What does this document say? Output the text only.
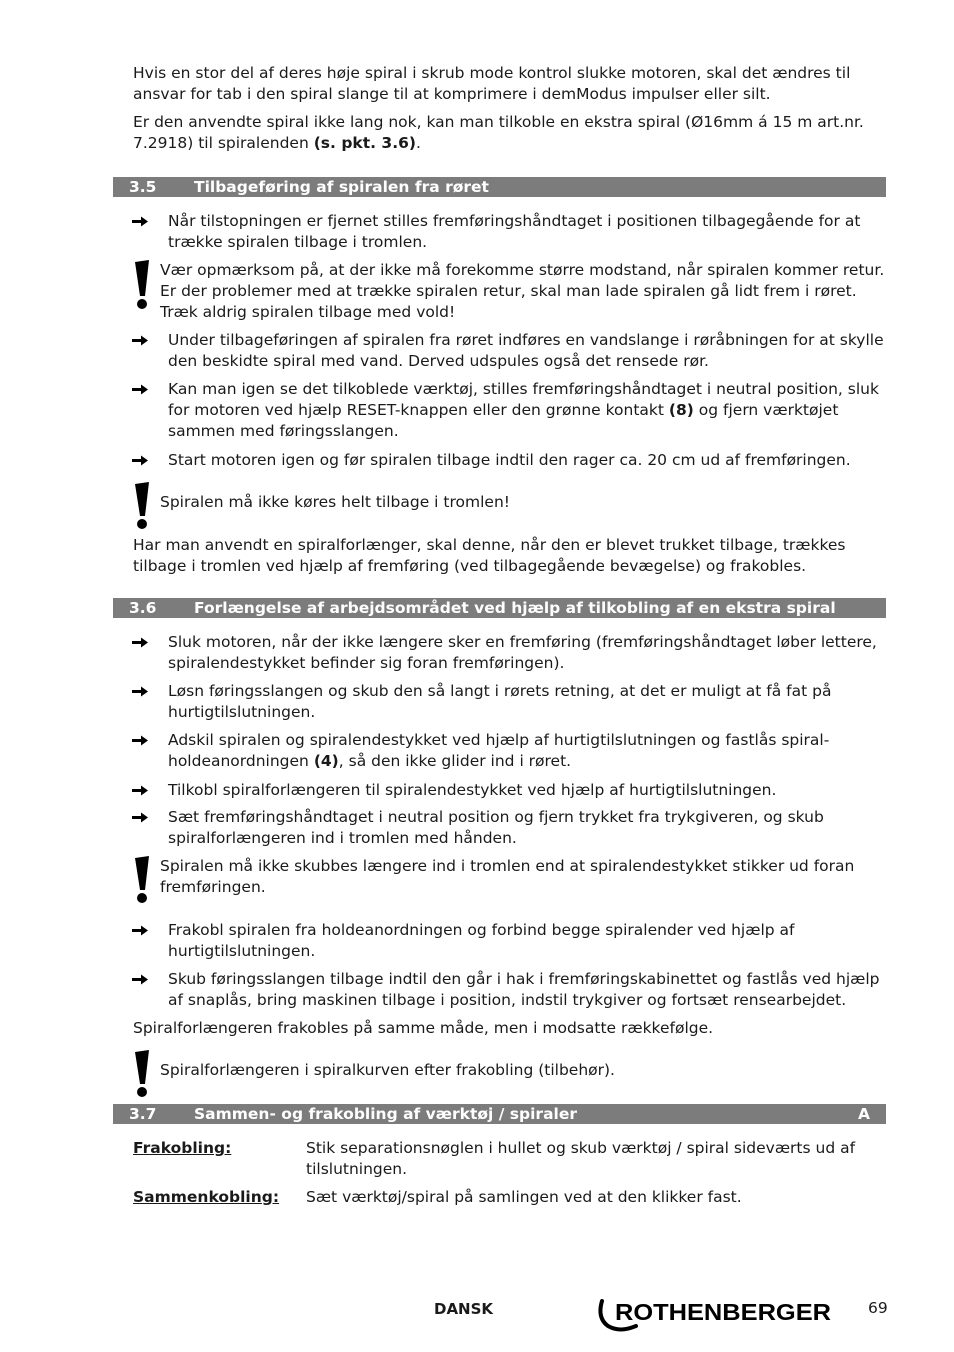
Hvis en stor del af deres høje spiral i skrub mode kontrol slukke motoren, skal det ændres til ansvar for tab i den spiral slange til at komprimere i demModus impulser eller silt.

Er den anvendte spiral ikke lang nok, kan man tilkoble en ekstra spiral (Ø16mm á 15 m art.nr. 7.2918) til spiralenden (s. pkt. 3.6).

3.5 Tilbageføring af spiralen fra røret
Når tilstopningen er fjernet stilles fremføringshåndtaget i positionen tilbagegående for at trække spiralen tilbage i tromlen.
Vær opmærksom på, at der ikke må forekomme større modstand, når spiralen kommer retur. Er der problemer med at trække spiralen retur, skal man lade spiralen gå lidt frem i røret. Træk aldrig spiralen tilbage med vold!
Under tilbageføringen af spiralen fra røret indføres en vandslange i røråbningen for at skylle den beskidte spiral med vand. Derved udspules også det rensede rør.
Kan man igen se det tilkoblede værktøj, stilles fremføringshåndtaget i neutral position, sluk for motoren ved hjælp RESET-knappen eller den grønne kontakt (8) og fjern værktøjet sammen med føringsslangen.
Start motoren igen og før spiralen tilbage indtil den rager ca. 20 cm ud af fremføringen.
Spiralen må ikke køres helt tilbage i tromlen!

Har man anvendt en spiralforlænger, skal denne, når den er blevet trukket tilbage, trækkes tilbage i tromlen ved hjælp af fremføring (ved tilbagegående bevægelse) og frakobles.

3.6 Forlængelse af arbejdsområdet ved hjælp af tilkobling af en ekstra spiral
Sluk motoren, når der ikke længere sker en fremføring (fremføringshåndtaget løber lettere, spiralendestykket befinder sig foran fremføringen).
Løsn føringsslangen og skub den så langt i rørets retning, at det er muligt at få fat på hurtigtilslutningen.
Adskil spiralen og spiralendestykket ved hjælp af hurtigtilslutningen og fastlås spiral-holdeanordningen (4), så den ikke glider ind i røret.
Tilkobl spiralforlængeren til spiralendestykket ved hjælp af hurtigtilslutningen.
Sæt fremføringshåndtaget i neutral position og fjern trykket fra trykgiveren, og skub spiralforlængeren ind i tromlen med hånden.
Spiralen må ikke skubbes længere ind i tromlen end at spiralendestykket stikker ud foran fremføringen.
Frakobl spiralen fra holdeanordningen og forbind begge spiralender ved hjælp af hurtigtilslutningen.
Skub føringsslangen tilbage indtil den går i hak i fremføringskabinettet og fastlås ved hjælp af snaplås, bring maskinen tilbage i position, indstil trykgiver og fortsæt rensearbejdet.

Spiralforlængeren frakobles på samme måde, men i modsatte rækkefølge.

Spiralforlængeren i spiralkurven efter frakobling (tilbehør).
3.7 Sammen- og frakobling af værktøj / spiraler	A
Frakobling:	Stik separationsnøglen i hullet og skub værktøj / spiral sideværts ud af tilslutningen.
Sammenkobling: Sæt værktøj/spiral på samlingen ved at den klikker fast.
DANSK	ROTHENBERGER 69
